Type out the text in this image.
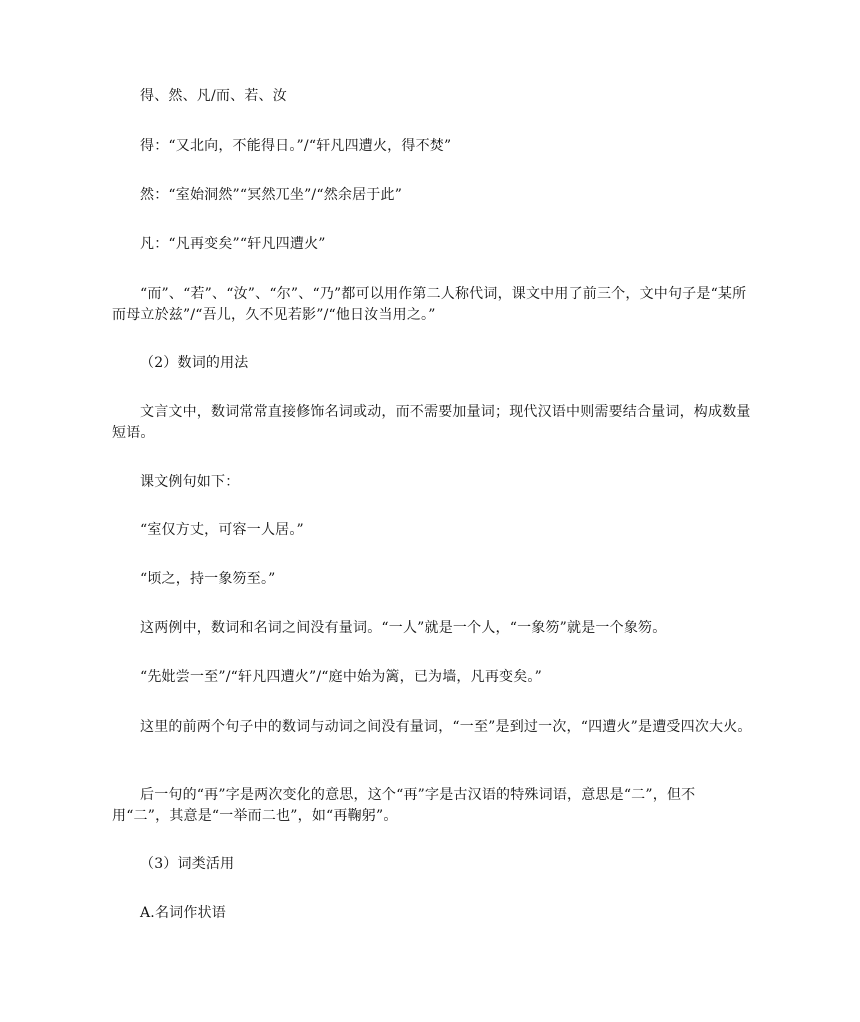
得、然、凡/而、若、汝

得：“又北向，不能得日。”/“轩凡四遭火，得不焚”

然：“室始洞然”“冥然兀坐”/“然余居于此”

凡：“凡再变矣”“轩凡四遭火”

“而”、“若”、“汝”、“尔”、“乃”都可以用作第二人称代词，课文中用了前三个，文中句子是“某所而母立於兹”/“吾儿，久不见若影”/“他日汝当用之。”

（2）数词的用法

文言文中，数词常常直接修饰名词或动，而不需要加量词；现代汉语中则需要结合量词，构成数量短语。

课文例句如下：

“室仅方丈，可容一人居。”

“顷之，持一象笏至。”

这两例中，数词和名词之间没有量词。“一人”就是一个人，“一象笏”就是一个象笏。

“先妣尝一至”/“轩凡四遭火”/“庭中始为篱，已为墙，凡再变矣。”

这里的前两个句子中的数词与动词之间没有量词，“一至”是到过一次，“四遭火”是遭受四次大火。

后一句的“再”字是两次变化的意思，这个“再”字是古汉语的特殊词语，意思是“二”，但不用“二”，其意是“一举而二也”，如“再鞠躬”。

（3）词类活用

A.名词作状语
